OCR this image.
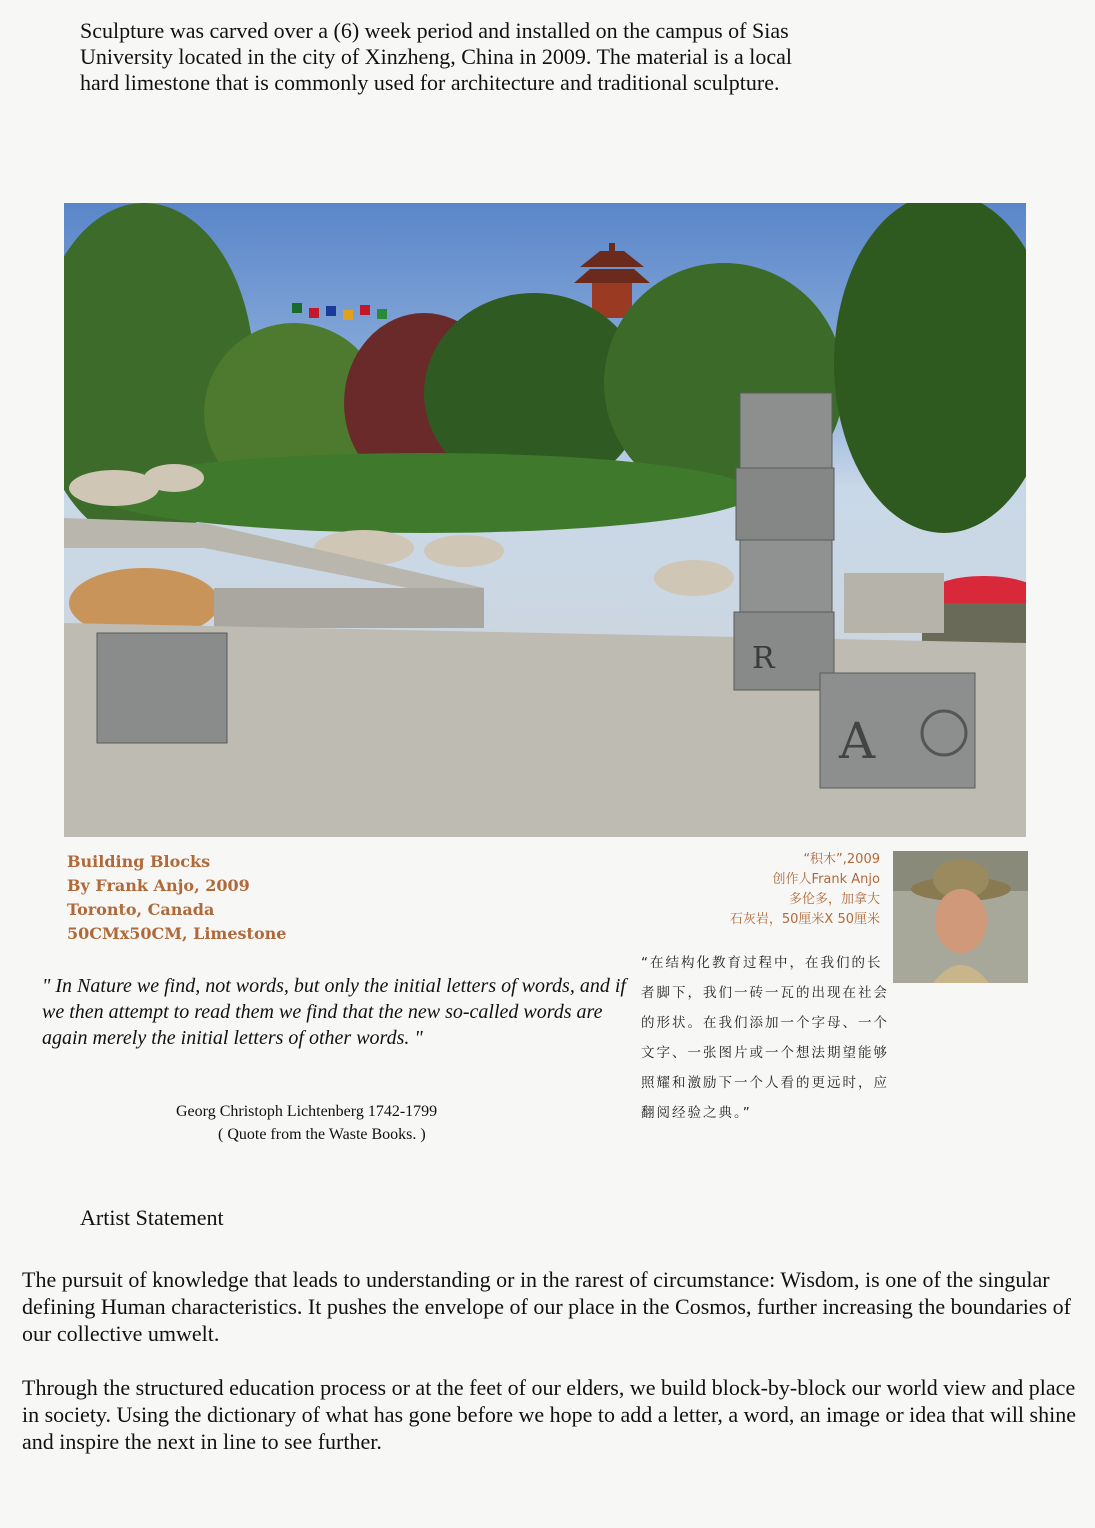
Sculpture was carved over a (6) week period and installed on the campus of Sias
University located in the city of Xinzheng, China in 2009. The material is a local
hard limestone that is commonly used for architecture and traditional sculpture.
R
A
Building Blocks
By Frank Anjo, 2009
Toronto, Canada
50CMx50CM, Limestone
“积木”,2009
创作人Frank Anjo
多伦多，加拿大
石灰岩，50厘米X 50厘米
" In Nature we find, not words, but only the initial letters of words, and if we then attempt to read them we find that the new so-called words are again merely the initial letters of other words. "
Georg Christoph Lichtenberg 1742-1799
( Quote from the Waste Books. )
“在结构化教育过程中，在我们的长者脚下，我们一砖一瓦的出现在社会的形状。在我们添加一个字母、一个文字、一张图片或一个想法期望能够照耀和激励下一个人看的更远时，应翻阅经验之典。”
Artist Statement

The pursuit of knowledge that leads to understanding or in the rarest of circumstance: Wisdom, is one of the singular defining Human characteristics. It pushes the envelope of our place in the Cosmos, further increasing the boundaries of our collective umwelt.

Through the structured education process or at the feet of our elders, we build block-by-block our world view and place in society. Using the dictionary of what has gone before we hope to add a letter, a word, an image or idea that will shine and inspire the next in line to see further.
